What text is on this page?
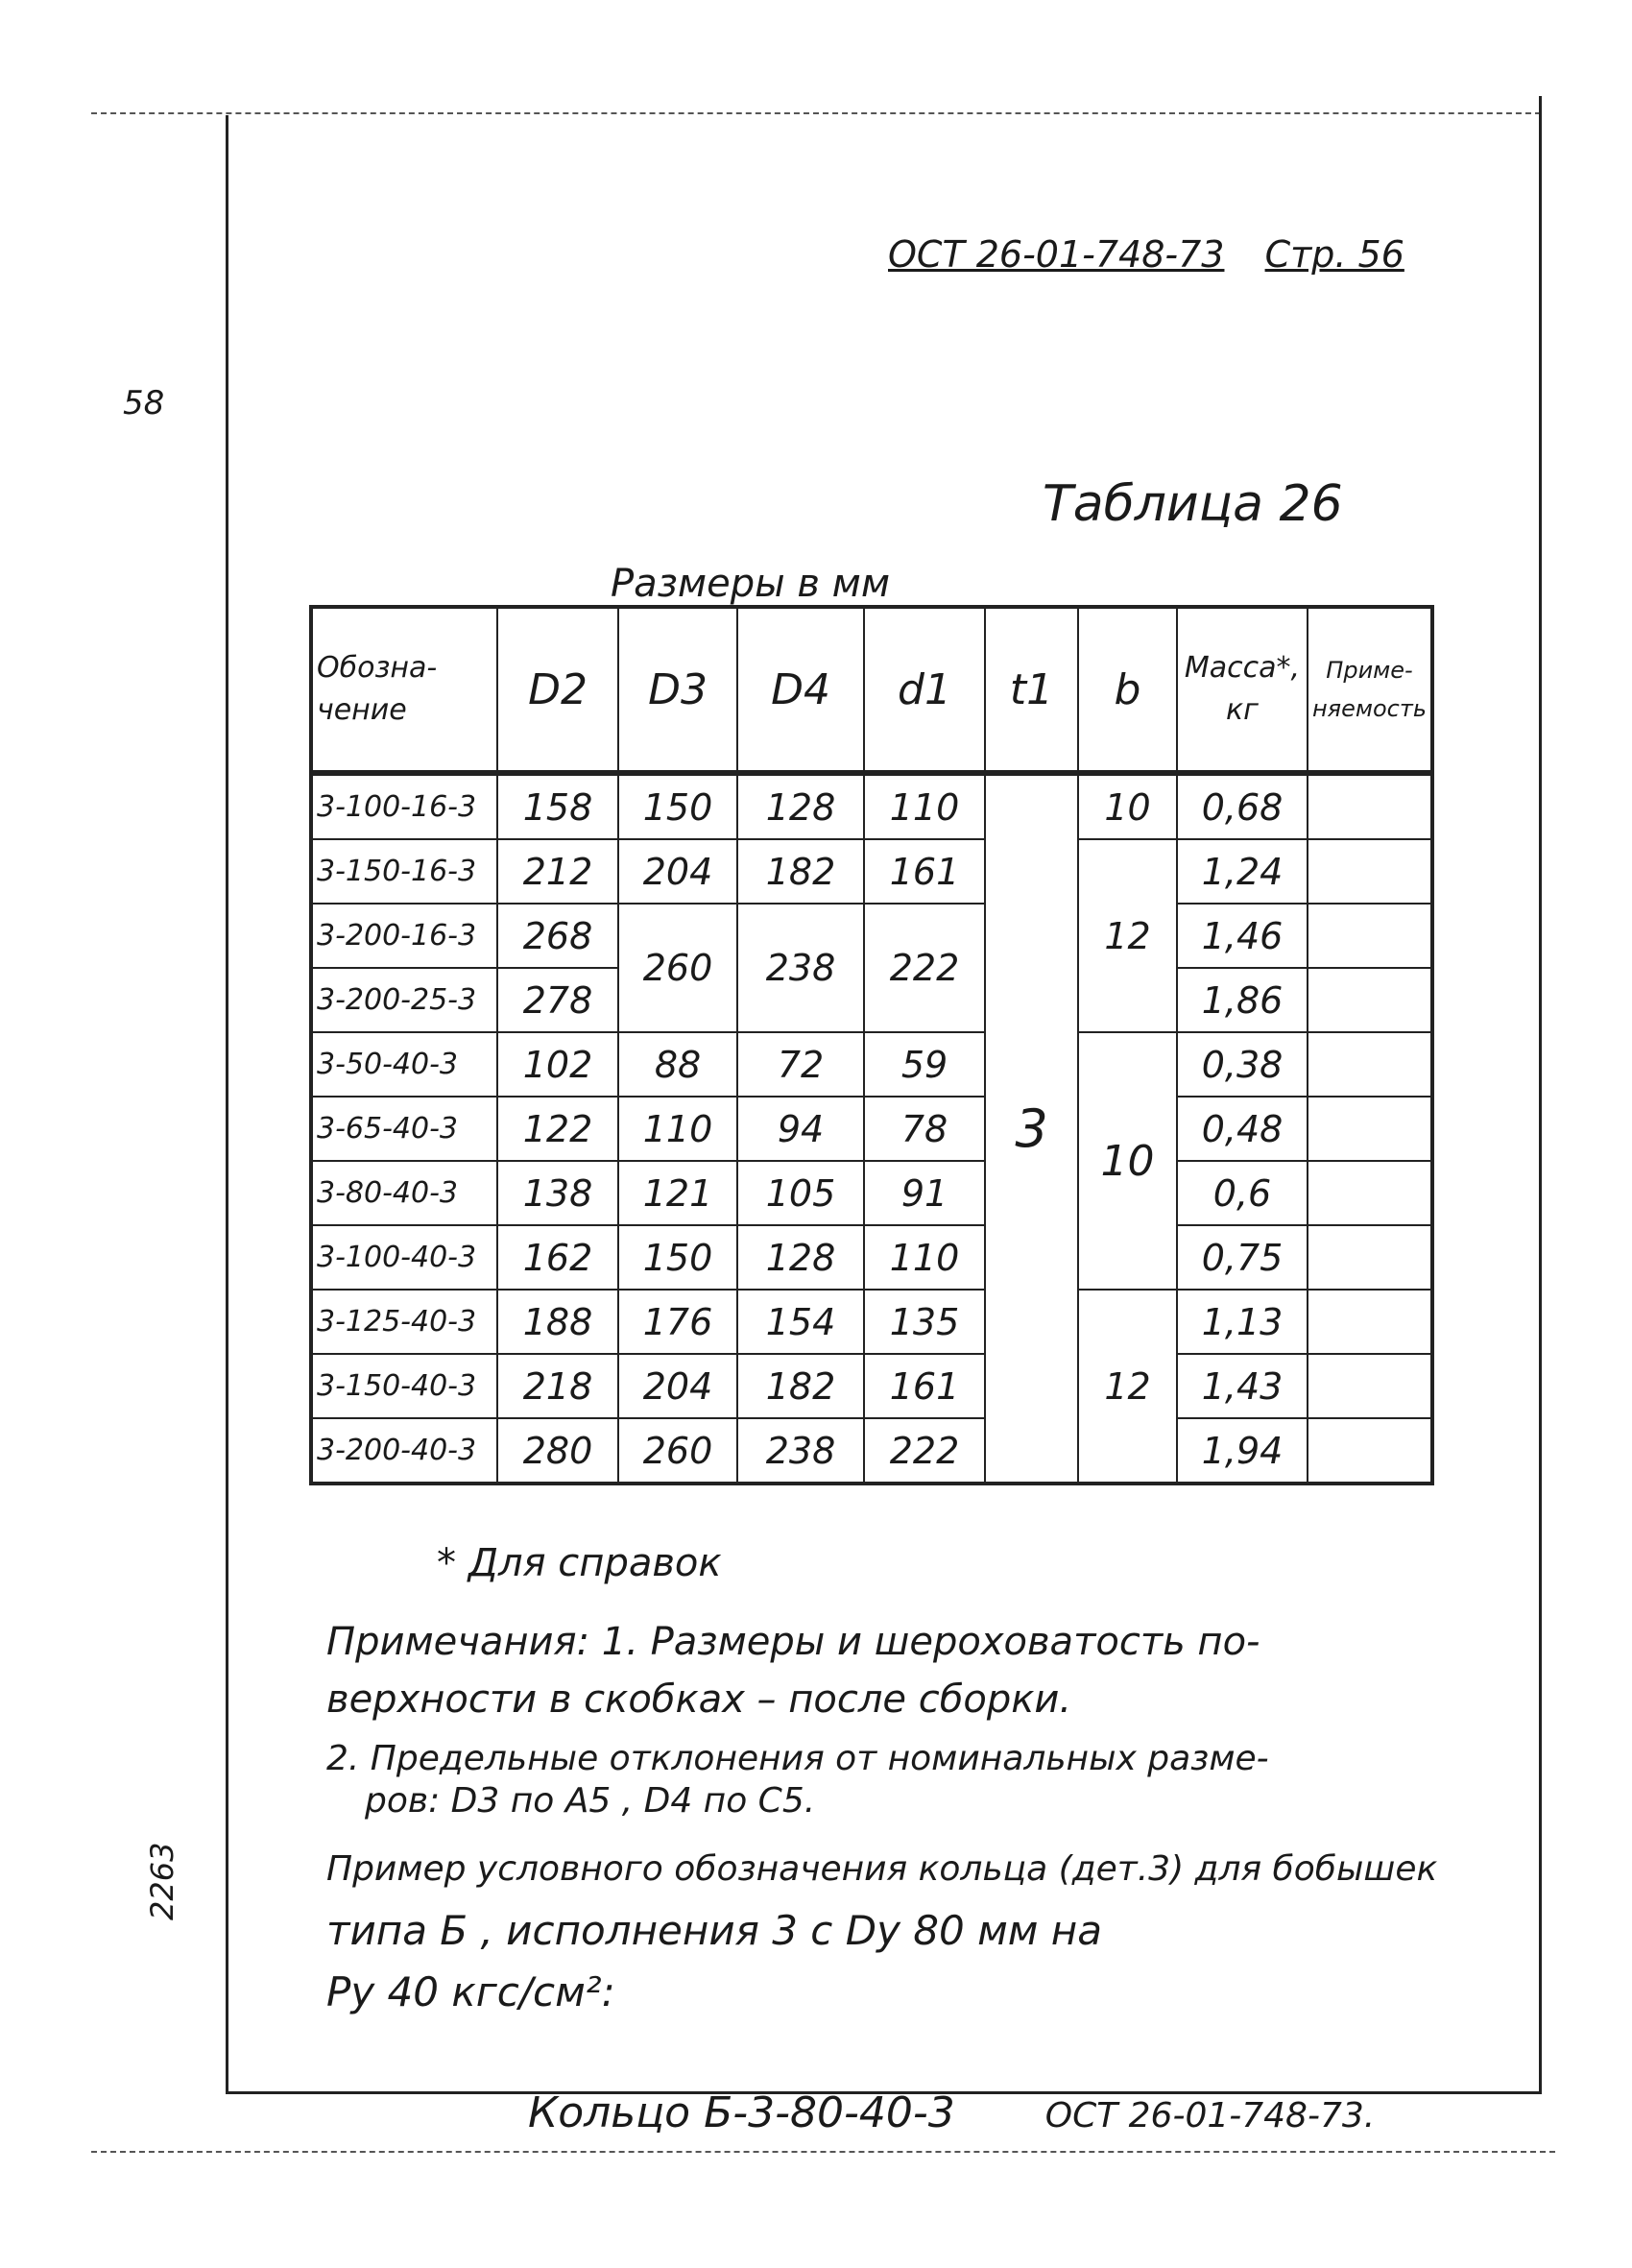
ОСТ 26-01-748-73 Стр. 56
58
2263
Таблица 26
Размеры в мм
Обозна-чение	D2	D3	D4	d1	t1	b	Масса*, кг	Приме-няемость
3-100-16-3	158	150	128	110	3	10	0,68	
3-150-16-3	212	204	182	161		12	1,24	
3-200-16-3	268	260	238	222			1,46	
3-200-25-3	278						1,86	
3-50-40-3	102	88	72	59		10	0,38	
3-65-40-3	122	110	94	78			0,48	
3-80-40-3	138	121	105	91			0,6	
3-100-40-3	162	150	128	110			0,75	
3-125-40-3	188	176	154	135		12	1,13	
3-150-40-3	218	204	182	161			1,43	
3-200-40-3	280	260	238	222			1,94	
* Для справок

Примечания: 1. Размеры и шероховатость по-

верхности в скобках – после сборки.

2. Предельные отклонения от номинальных разме-

ров: D3 по A5 , D4 по C5.

Пример условного обозначения кольца (дет.3) для бобышек

типа Б , исполнения 3 с Dу 80 мм на

Ру 40 кгс/см²:

Кольцо Б-3-80-40-3	ОСТ 26-01-748-73.
